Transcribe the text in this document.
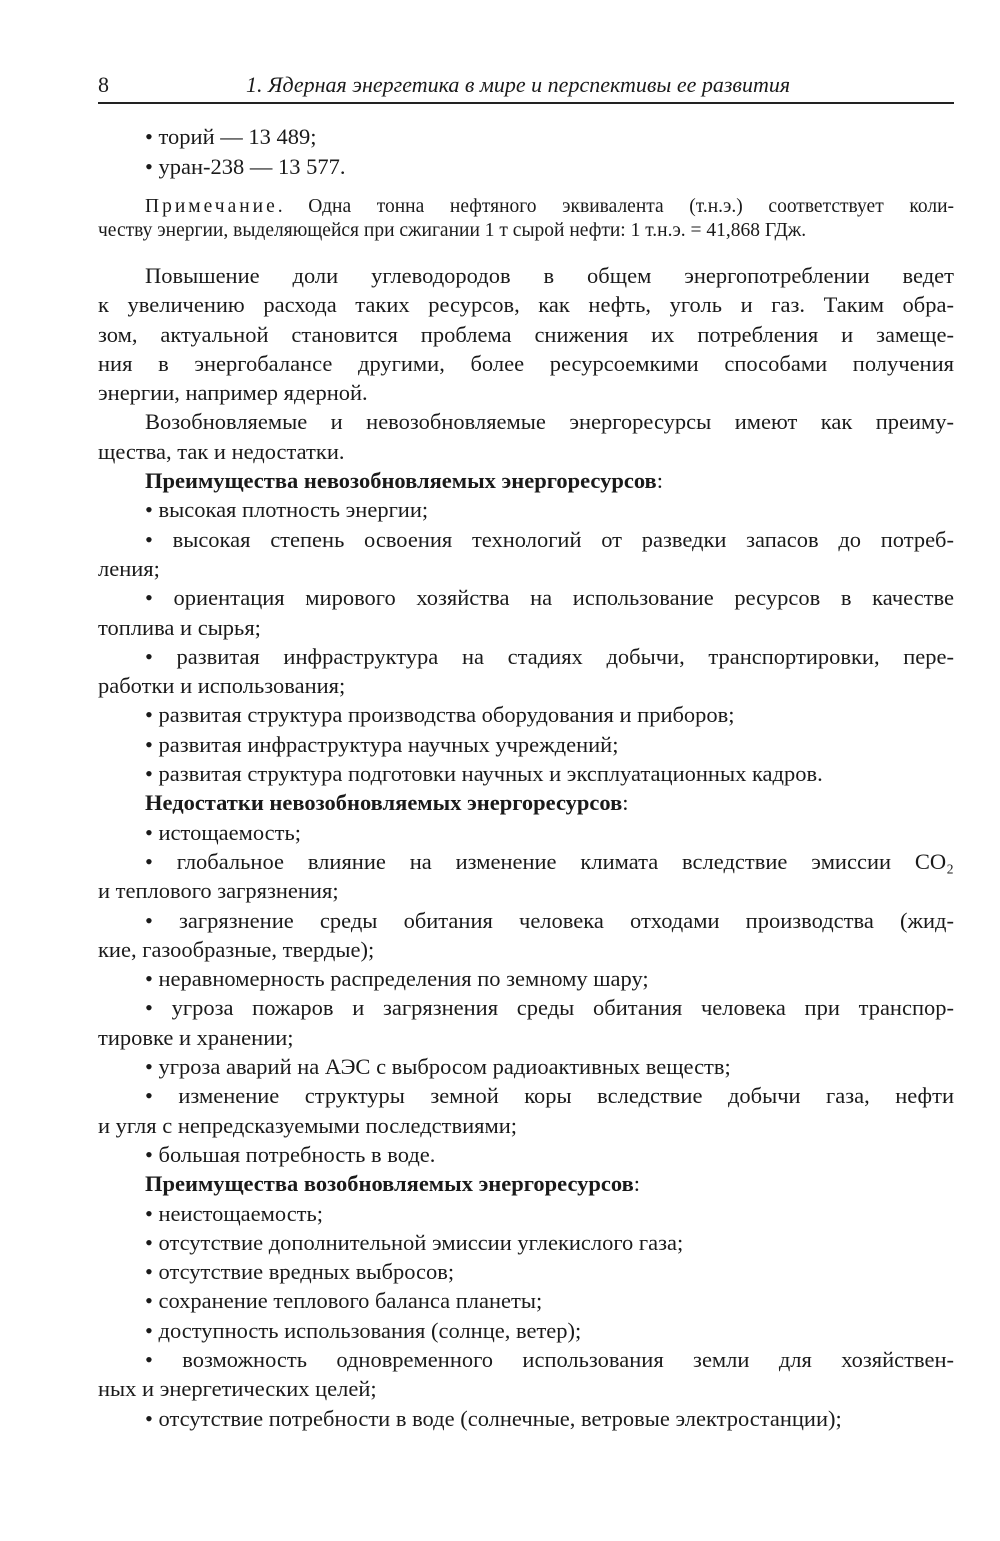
8	1. Ядерная энергетика в мире и перспективы ее развития
• торий — 13 489;
• уран-238 — 13 577.
Примечание. Одна тонна нефтяного эквивалента (т.н.э.) соответствует коли-
честву энергии, выделяющейся при сжигании 1 т сырой нефти: 1 т.н.э. = 41,868 ГДж.
Повышение доли углеводородов в общем энергопотреблении ведет
к увеличению расхода таких ресурсов, как нефть, уголь и газ. Таким обра-
зом, актуальной становится проблема снижения их потребления и замеще-
ния в энергобалансе другими, более ресурсоемкими способами получения
энергии, например ядерной.
Возобновляемые и невозобновляемые энергоресурсы имеют как преиму-
щества, так и недостатки.
Преимущества невозобновляемых энергоресурсов:
• высокая плотность энергии;
• высокая степень освоения технологий от разведки запасов до потреб-
ления;
• ориентация мирового хозяйства на использование ресурсов в качестве
топлива и сырья;
• развитая инфраструктура на стадиях добычи, транспортировки, пере-
работки и использования;
• развитая структура производства оборудования и приборов;
• развитая инфраструктура научных учреждений;
• развитая структура подготовки научных и эксплуатационных кадров.
Недостатки невозобновляемых энергоресурсов:
• истощаемость;
• глобальное влияние на изменение климата вследствие эмиссии CO₂
и теплового загрязнения;
• загрязнение среды обитания человека отходами производства (жид-
кие, газообразные, твердые);
• неравномерность распределения по земному шару;
• угроза пожаров и загрязнения среды обитания человека при транспор-
тировке и хранении;
• угроза аварий на АЭС с выбросом радиоактивных веществ;
• изменение структуры земной коры вследствие добычи газа, нефти
и угля с непредсказуемыми последствиями;
• большая потребность в воде.
Преимущества возобновляемых энергоресурсов:
• неистощаемость;
• отсутствие дополнительной эмиссии углекислого газа;
• отсутствие вредных выбросов;
• сохранение теплового баланса планеты;
• доступность использования (солнце, ветер);
• возможность одновременного использования земли для хозяйствен-
ных и энергетических целей;
• отсутствие потребности в воде (солнечные, ветровые электростанции);
